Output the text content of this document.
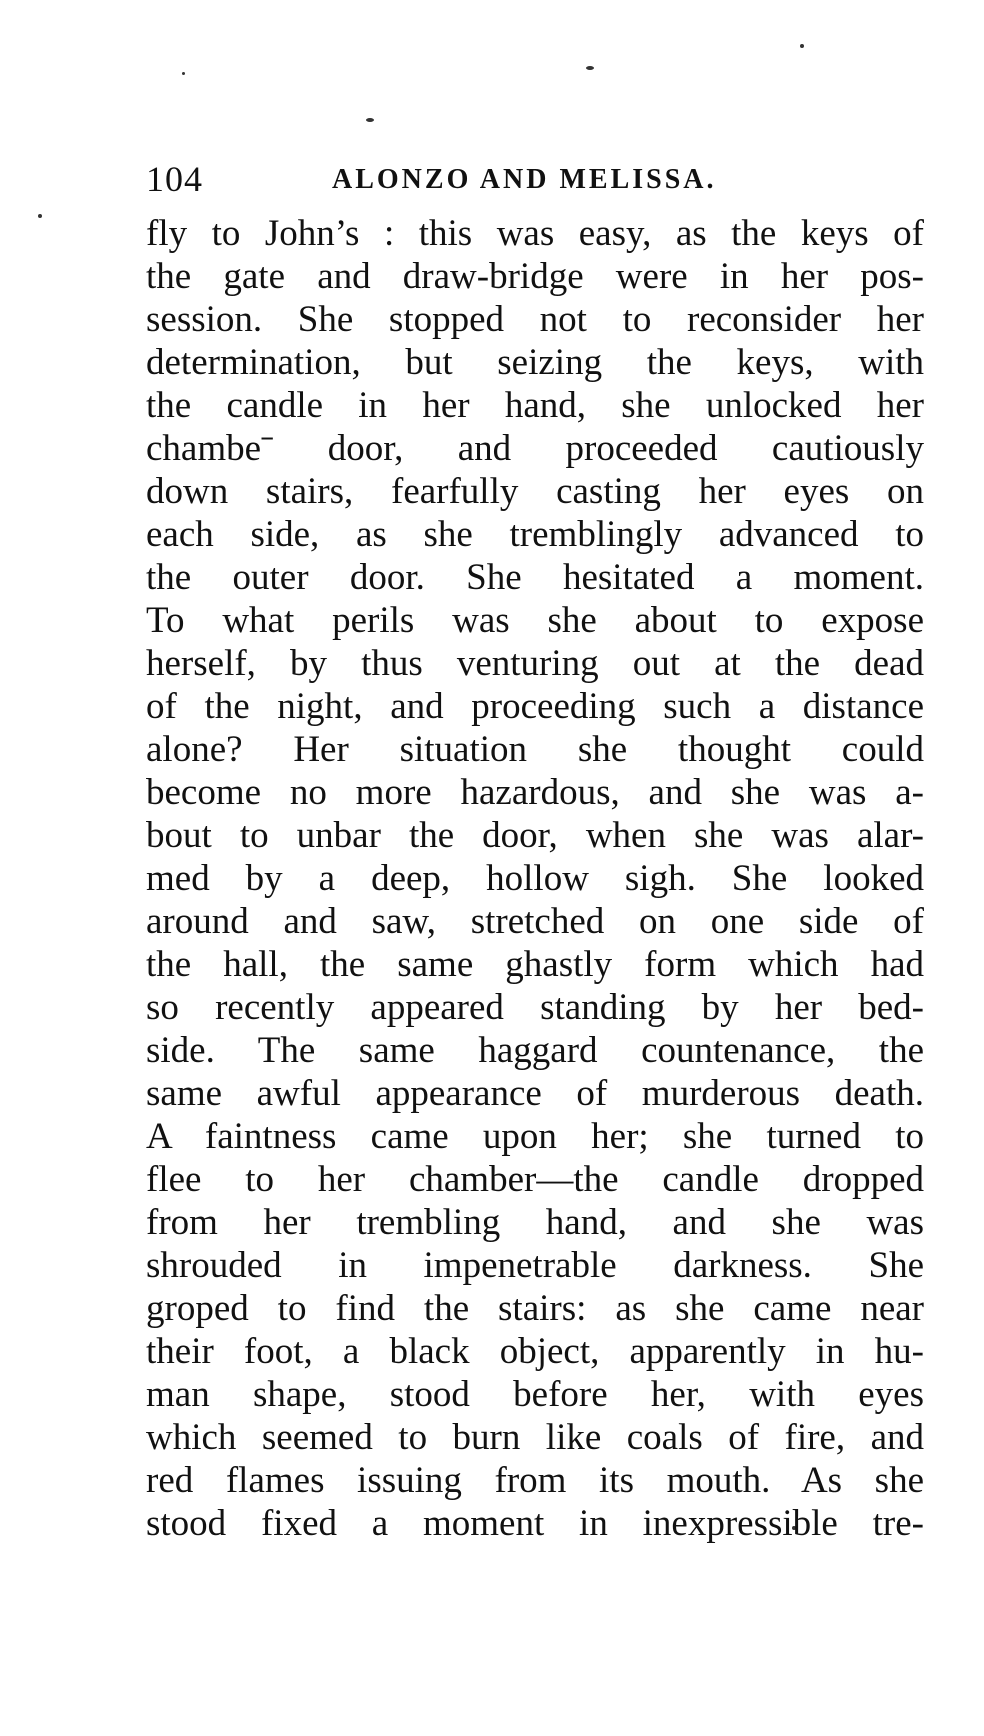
104	ALONZO AND MELISSA.
fly to John’s : this was easy, as the keys of
the gate and draw-bridge were in her pos-
session. She stopped not to reconsider her
determination, but seizing the keys, with
the candle in her hand, she unlocked her
chambeˉ door, and proceeded cautiously
down stairs, fearfully casting her eyes on
each side, as she tremblingly advanced to
the outer door. She hesitated a moment.
To what perils was she about to expose
herself, by thus venturing out at the dead
of the night, and proceeding such a distance
alone? Her situation she thought could
become no more hazardous, and she was a-
bout to unbar the door, when she was alar-
med by a deep, hollow sigh. She looked
around and saw, stretched on one side of
the hall, the same ghastly form which had
so recently appeared standing by her bed-
side. The same haggard countenance, the
same awful appearance of murderous death.
A faintness came upon her; she turned to
flee to her chamber—the candle dropped
from her trembling hand, and she was
shrouded in impenetrable darkness. She
groped to find the stairs: as she came near
their foot, a black object, apparently in hu-
man shape, stood before her, with eyes
which seemed to burn like coals of fire, and
red flames issuing from its mouth. As she
stood fixed a moment in inexpressible tre-
